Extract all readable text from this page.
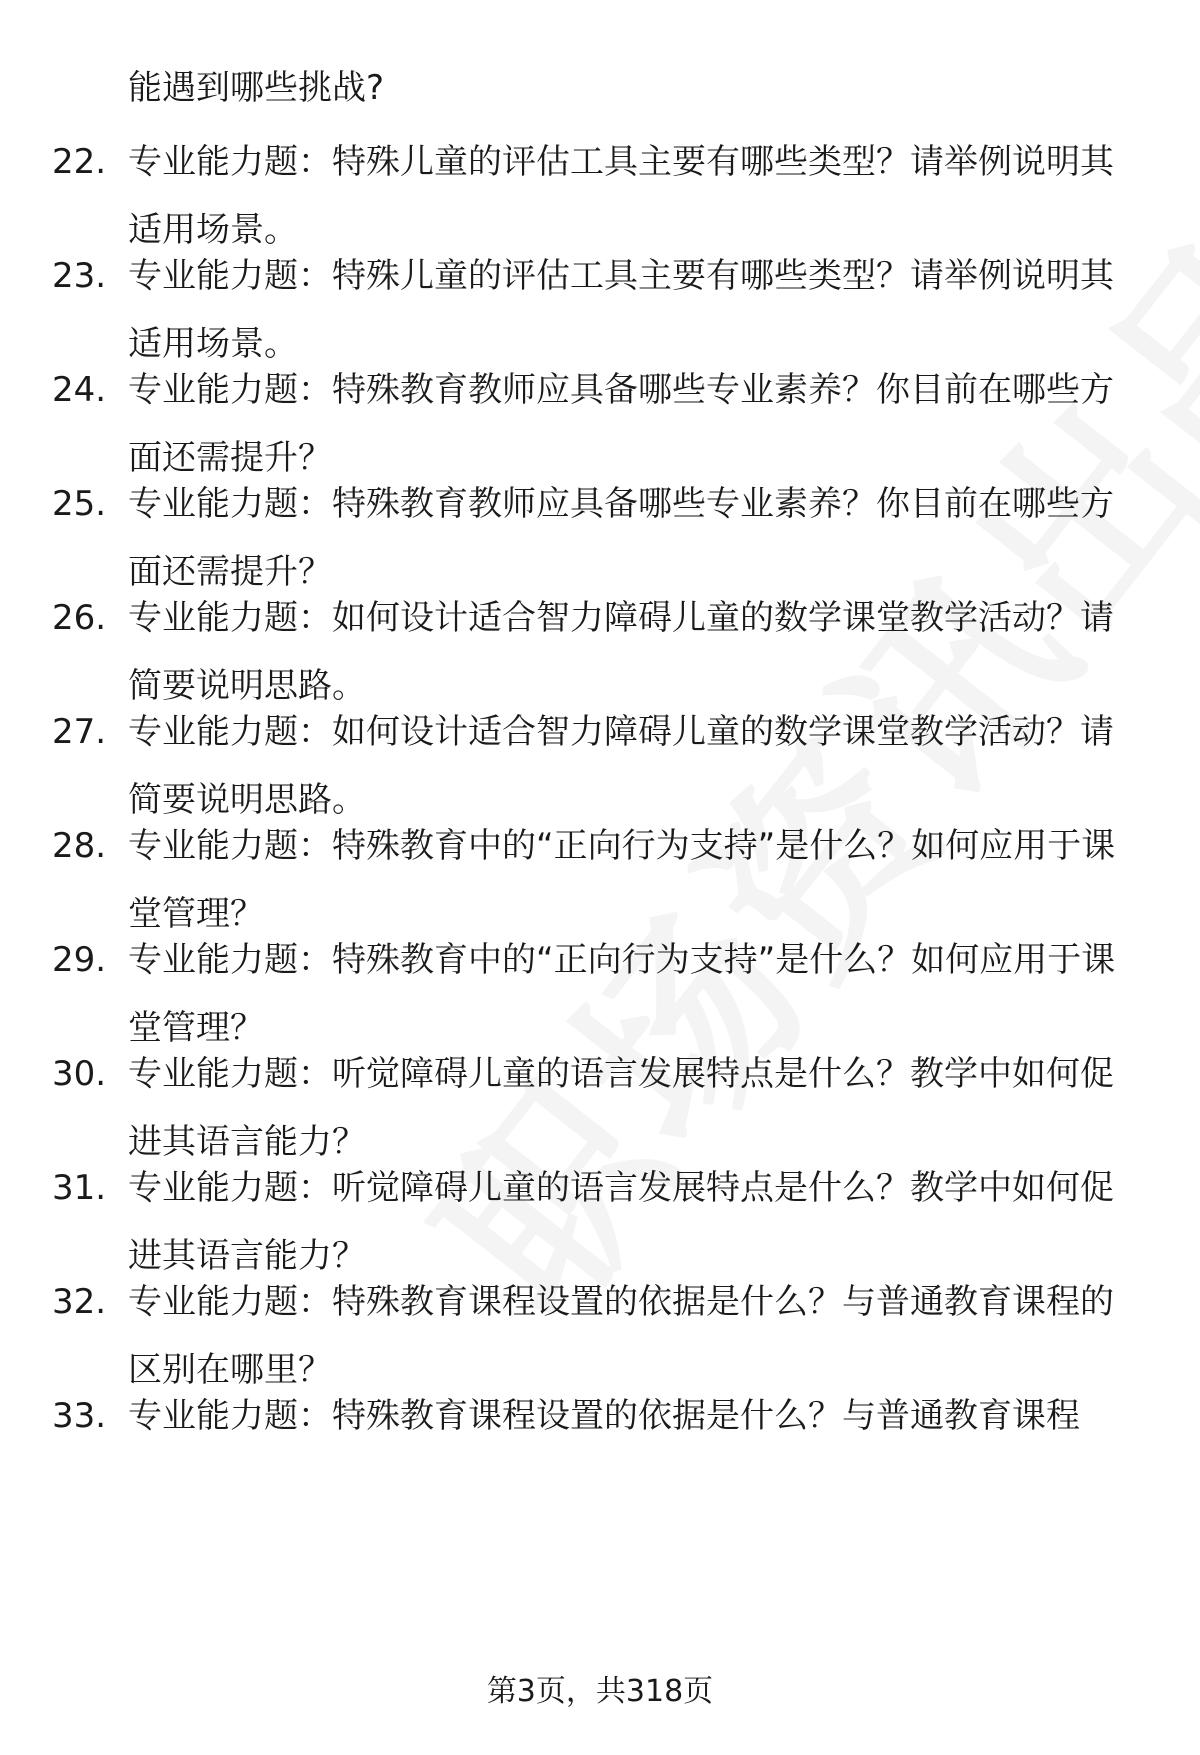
能遇到哪些挑战?

22. 专业能力题：特殊儿童的评估工具主要有哪些类型？请举例说明其适用场景。

23. 专业能力题：特殊儿童的评估工具主要有哪些类型？请举例说明其适用场景。

24. 专业能力题：特殊教育教师应具备哪些专业素养？你目前在哪些方面还需提升？

25. 专业能力题：特殊教育教师应具备哪些专业素养？你目前在哪些方面还需提升？

26. 专业能力题：如何设计适合智力障碍儿童的数学课堂教学活动？请简要说明思路。

27. 专业能力题：如何设计适合智力障碍儿童的数学课堂教学活动？请简要说明思路。

28. 专业能力题：特殊教育中的“正向行为支持”是什么？如何应用于课堂管理？

29. 专业能力题：特殊教育中的“正向行为支持”是什么？如何应用于课堂管理？

30. 专业能力题：听觉障碍儿童的语言发展特点是什么？教学中如何促进其语言能力？

31. 专业能力题：听觉障碍儿童的语言发展特点是什么？教学中如何促进其语言能力？

32. 专业能力题：特殊教育课程设置的依据是什么？与普通教育课程的区别在哪里？

33. 专业能力题：特殊教育课程设置的依据是什么？与普通教育课程

第3页，共318页
